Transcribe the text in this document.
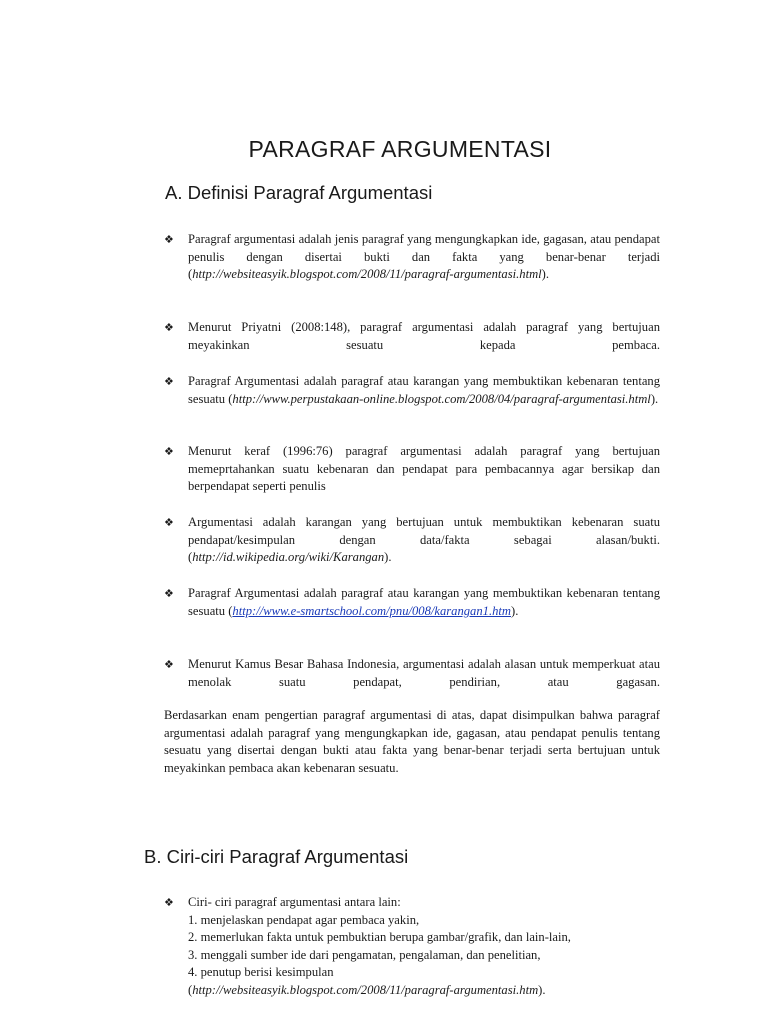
PARAGRAF ARGUMENTASI
A. Definisi Paragraf Argumentasi
❖	Paragraf argumentasi adalah jenis paragraf yang mengungkapkan ide, gagasan, atau pendapat penulis dengan disertai bukti dan fakta yang benar-benar terjadi (http://websiteasyik.blogspot.com/2008/11/paragraf-argumentasi.html).
❖	Menurut Priyatni (2008:148), paragraf argumentasi adalah paragraf yang bertujuan meyakinkan sesuatu kepada pembaca.
❖	Paragraf Argumentasi adalah paragraf atau karangan yang membuktikan kebenaran tentang sesuatu (http://www.perpustakaan-online.blogspot.com/2008/04/paragraf-argumentasi.html).
❖	Menurut keraf (1996:76) paragraf argumentasi adalah paragraf yang bertujuan memeprtahankan suatu kebenaran dan pendapat para pembacannya agar bersikap dan berpendapat seperti penulis
❖	Argumentasi adalah karangan yang bertujuan untuk membuktikan kebenaran suatu pendapat/kesimpulan dengan data/fakta sebagai alasan/bukti. (http://id.wikipedia.org/wiki/Karangan).
❖	Paragraf Argumentasi adalah paragraf atau karangan yang membuktikan kebenaran tentang sesuatu (http://www.e-smartschool.com/pnu/008/karangan1.htm).
❖	Menurut Kamus Besar Bahasa Indonesia, argumentasi adalah alasan untuk memperkuat atau menolak suatu pendapat, pendirian, atau gagasan.
Berdasarkan enam pengertian paragraf argumentasi di atas, dapat disimpulkan bahwa paragraf argumentasi adalah paragraf yang mengungkapkan ide, gagasan, atau pendapat penulis tentang sesuatu yang disertai dengan bukti atau fakta yang benar-benar terjadi serta bertujuan untuk meyakinkan pembaca akan kebenaran sesuatu.
B. Ciri-ciri Paragraf Argumentasi
❖	Ciri- ciri paragraf argumentasi antara lain:
1. menjelaskan pendapat agar pembaca yakin,
2. memerlukan fakta untuk pembuktian berupa gambar/grafik, dan lain-lain,
3. menggali sumber ide dari pengamatan, pengalaman, dan penelitian,
4. penutup berisi kesimpulan
(http://websiteasyik.blogspot.com/2008/11/paragraf-argumentasi.htm).
